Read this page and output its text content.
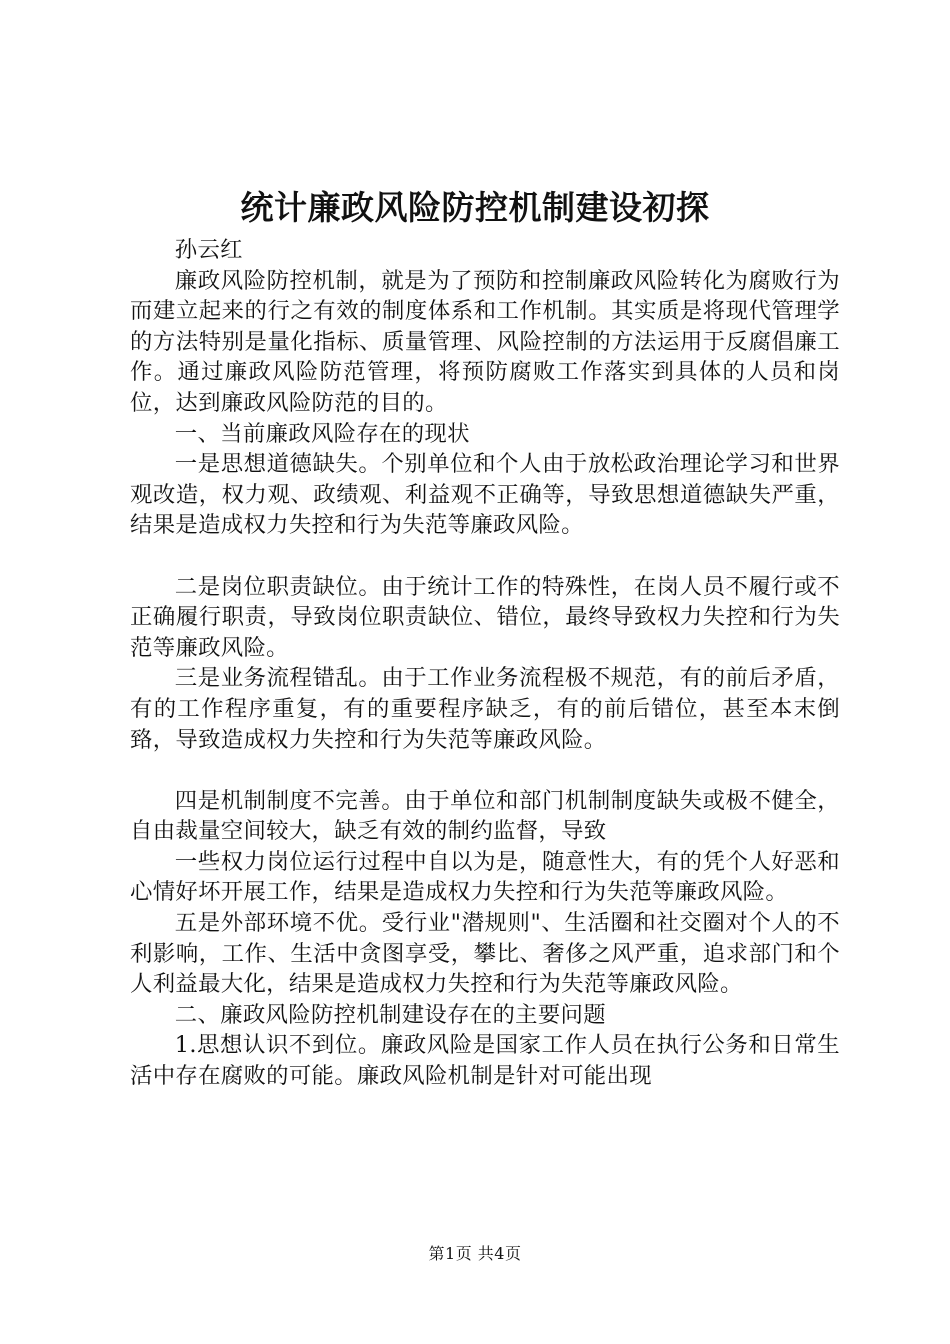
统计廉政风险防控机制建设初探

孙云红

廉政风险防控机制，就是为了预防和控制廉政风险转化为腐败行为而建立起来的行之有效的制度体系和工作机制。其实质是将现代管理学的方法特别是量化指标、质量管理、风险控制的方法运用于反腐倡廉工作。通过廉政风险防范管理，将预防腐败工作落实到具体的人员和岗位，达到廉政风险防范的目的。

一、当前廉政风险存在的现状

一是思想道德缺失。个别单位和个人由于放松政治理论学习和世界观改造，权力观、政绩观、利益观不正确等，导致思想道德缺失严重，结果是造成权力失控和行为失范等廉政风险。

二是岗位职责缺位。由于统计工作的特殊性，在岗人员不履行或不正确履行职责，导致岗位职责缺位、错位，最终导致权力失控和行为失范等廉政风险。

三是业务流程错乱。由于工作业务流程极不规范，有的前后矛盾，有的工作程序重复，有的重要程序缺乏，有的前后错位，甚至本末倒臵，导致造成权力失控和行为失范等廉政风险。

四是机制制度不完善。由于单位和部门机制制度缺失或极不健全，自由裁量空间较大，缺乏有效的制约监督，导致

一些权力岗位运行过程中自以为是，随意性大，有的凭个人好恶和心情好坏开展工作，结果是造成权力失控和行为失范等廉政风险。

五是外部环境不优。受行业"潜规则"、生活圈和社交圈对个人的不利影响，工作、生活中贪图享受，攀比、奢侈之风严重，追求部门和个人利益最大化，结果是造成权力失控和行为失范等廉政风险。

二、廉政风险防控机制建设存在的主要问题

1.思想认识不到位。廉政风险是国家工作人员在执行公务和日常生活中存在腐败的可能。廉政风险机制是针对可能出现

第1页 共4页
